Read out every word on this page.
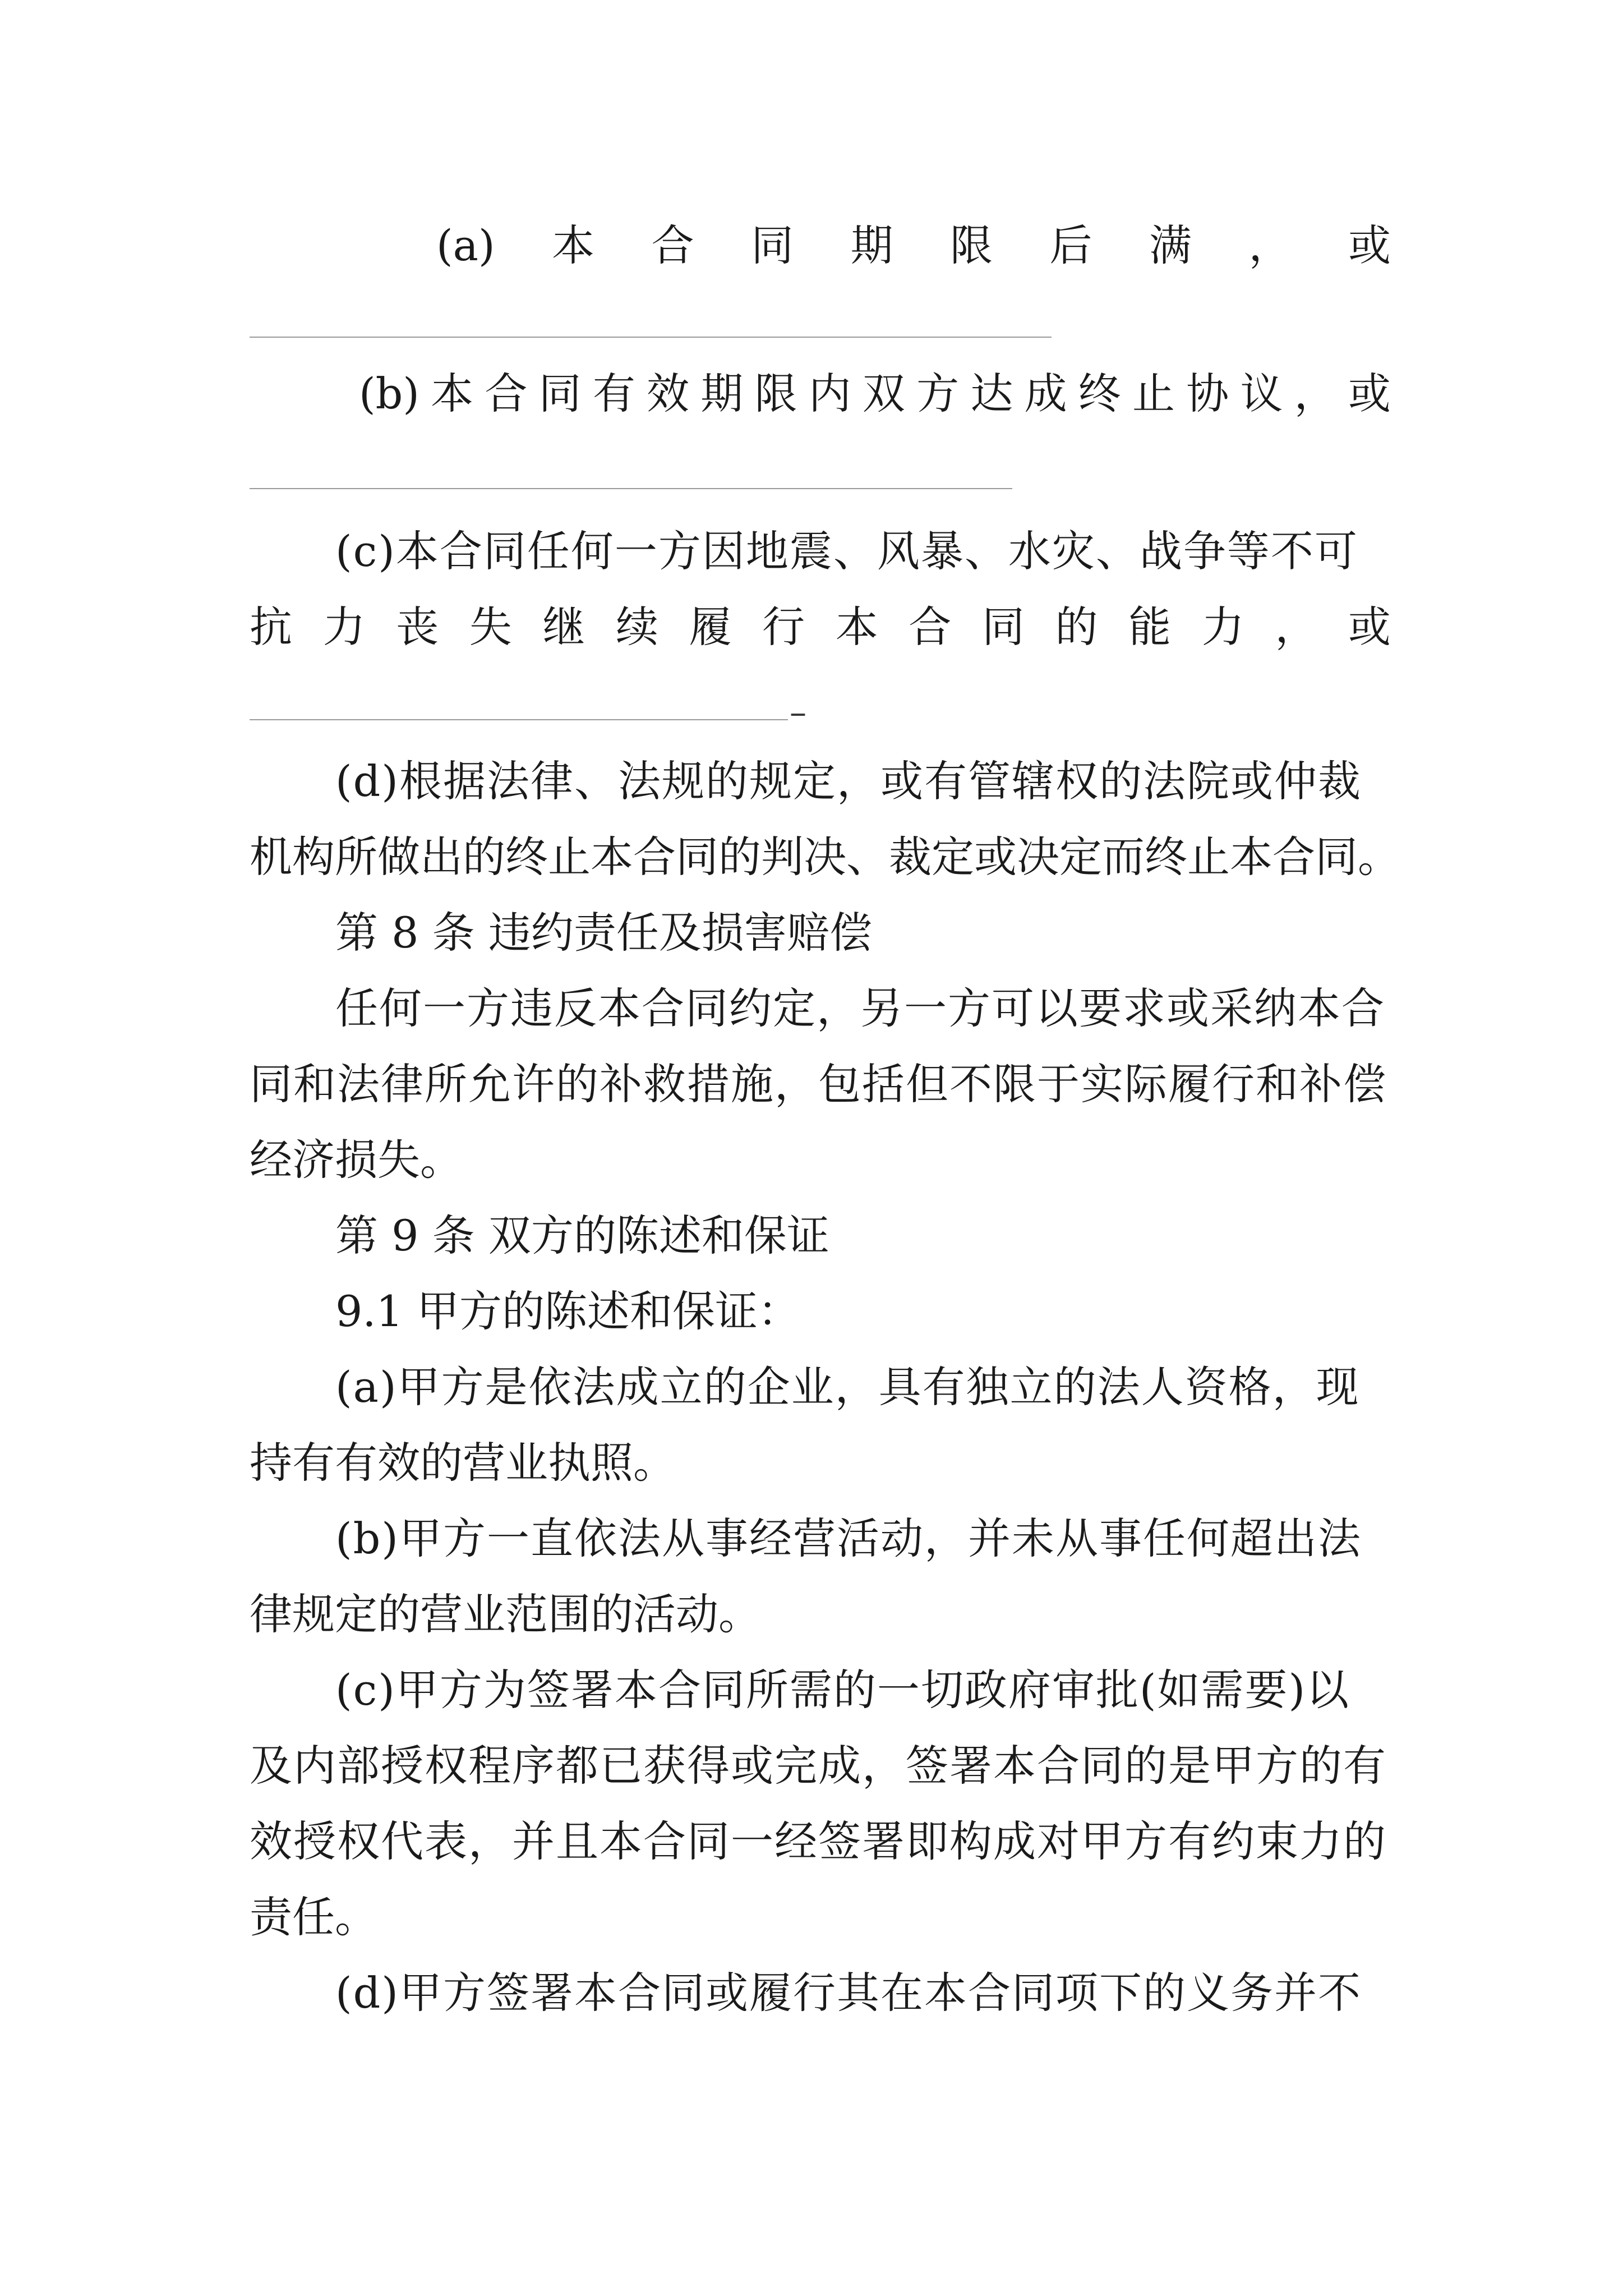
(a) 本 合 同 期 限 后 满 ， 或
(b) 本 合 同 有 效 期 限 内 双 方 达 成 终 止 协 议 ， 或
(c)本合同任何一方因地震、风暴、水灾、战争等不可
抗 力 丧 失 继 续 履 行 本 合 同 的 能 力 ， 或
–
(d)根据法律、法规的规定，或有管辖权的法院或仲裁
机构所做出的终止本合同的判决、裁定或决定而终止本合同。
第 8 条 违约责任及损害赔偿
任何一方违反本合同约定，另一方可以要求或采纳本合
同和法律所允许的补救措施，包括但不限于实际履行和补偿
经济损失。
第 9 条 双方的陈述和保证
9.1 甲方的陈述和保证：
(a)甲方是依法成立的企业，具有独立的法人资格，现
持有有效的营业执照。
(b)甲方一直依法从事经营活动，并未从事任何超出法
律规定的营业范围的活动。
(c)甲方为签署本合同所需的一切政府审批(如需要)以
及内部授权程序都已获得或完成，签署本合同的是甲方的有
效授权代表，并且本合同一经签署即构成对甲方有约束力的
责任。
(d)甲方签署本合同或履行其在本合同项下的义务并不
